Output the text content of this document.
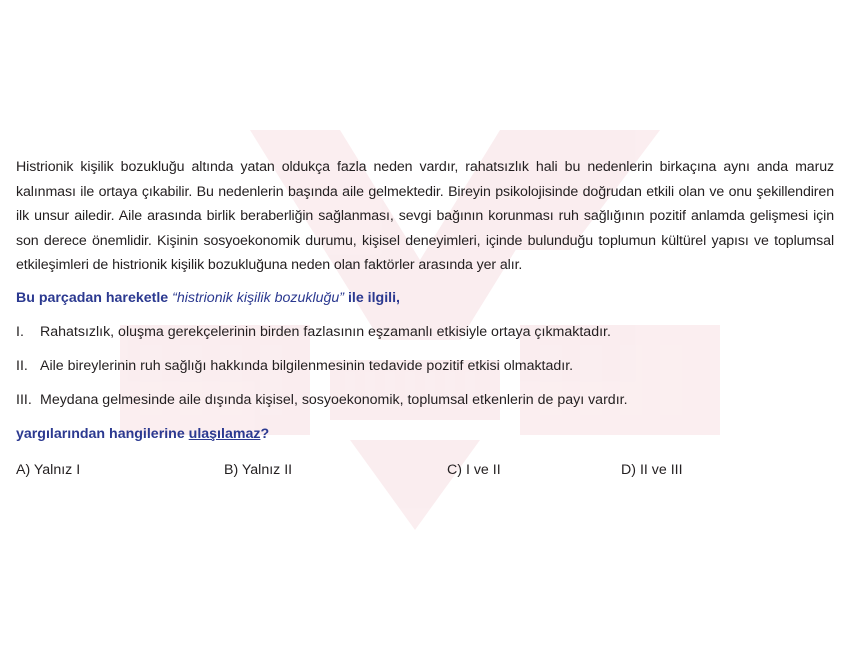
Histrionik kişilik bozukluğu altında yatan oldukça fazla neden vardır, rahatsızlık hali bu nedenlerin birkaçına aynı anda maruz kalınması ile ortaya çıkabilir. Bu nedenlerin başında aile gelmektedir. Bireyin psikolojisinde doğrudan etkili olan ve onu şekillendiren ilk unsur ailedir. Aile arasında birlik beraberliğin sağlanması, sevgi bağının korunması ruh sağlığının pozitif anlamda gelişmesi için son derece önemlidir. Kişinin sosyoekonomik durumu, kişisel deneyimleri, içinde bulunduğu toplumun kültürel yapısı ve toplumsal etkileşimleri de histrionik kişilik bozukluğuna neden olan faktörler arasında yer alır.

Bu parçadan hareketle “histrionik kişilik bozukluğu” ile ilgili,
I.	Rahatsızlık, oluşma gerekçelerinin birden fazlasının eşzamanlı etkisiyle ortaya çıkmaktadır.
II. Aile bireylerinin ruh sağlığı hakkında bilgilenmesinin tedavide pozitif etkisi olmaktadır.
III. Meydana gelmesinde aile dışında kişisel, sosyoekonomik, toplumsal etkenlerin de payı vardır.
yargılarından hangilerine ulaşılamaz?
A) Yalnız I	B) Yalnız II	C) I ve II	D) II ve III
